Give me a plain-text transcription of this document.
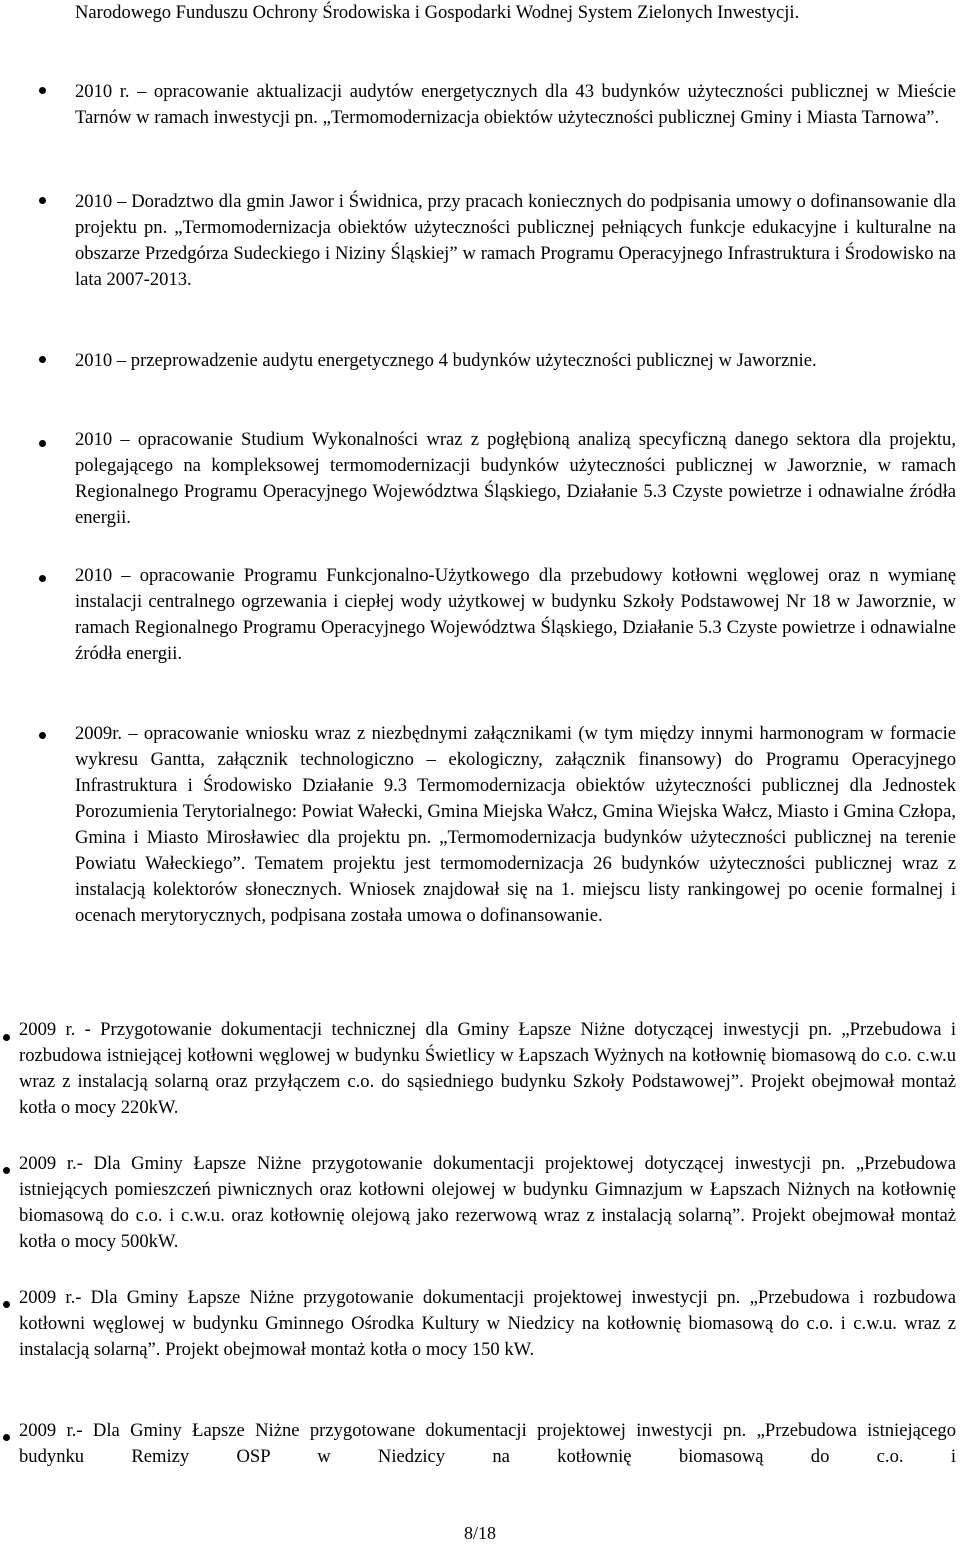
Narodowego Funduszu Ochrony Środowiska i Gospodarki Wodnej System Zielonych Inwestycji.

2010 r. – opracowanie aktualizacji audytów energetycznych dla 43 budynków użyteczności publicznej w Mieście Tarnów w ramach inwestycji pn. „Termomodernizacja obiektów użyteczności publicznej Gminy i Miasta Tarnowa”.

2010 – Doradztwo dla gmin Jawor i Świdnica, przy pracach koniecznych do podpisania umowy o dofinansowanie dla projektu pn. „Termomodernizacja obiektów użyteczności publicznej pełniących funkcje edukacyjne i kulturalne na obszarze Przedgórza Sudeckiego i Niziny Śląskiej” w ramach Programu Operacyjnego Infrastruktura i Środowisko na lata 2007-2013.

2010 – przeprowadzenie audytu energetycznego 4 budynków użyteczności publicznej w Jaworznie.

2010 – opracowanie Studium Wykonalności wraz z pogłębioną analizą specyficzną danego sektora dla projektu, polegającego na kompleksowej termomodernizacji budynków użyteczności publicznej w Jaworznie, w ramach Regionalnego Programu Operacyjnego Województwa Śląskiego, Działanie 5.3 Czyste powietrze i odnawialne źródła energii.

2010 – opracowanie Programu Funkcjonalno-Użytkowego dla przebudowy kotłowni węglowej oraz n wymianę instalacji centralnego ogrzewania i ciepłej wody użytkowej w budynku Szkoły Podstawowej Nr 18 w Jaworznie, w ramach Regionalnego Programu Operacyjnego Województwa Śląskiego, Działanie 5.3 Czyste powietrze i odnawialne źródła energii.

2009r. – opracowanie wniosku wraz z niezbędnymi załącznikami (w tym między innymi harmonogram w formacie wykresu Gantta, załącznik technologiczno – ekologiczny, załącznik finansowy) do Programu Operacyjnego Infrastruktura i Środowisko Działanie 9.3 Termomodernizacja obiektów użyteczności publicznej dla Jednostek Porozumienia Terytorialnego: Powiat Wałecki, Gmina Miejska Wałcz, Gmina Wiejska Wałcz, Miasto i Gmina Człopa, Gmina i Miasto Mirosławiec dla projektu pn. „Termomodernizacja budynków użyteczności publicznej na terenie Powiatu Wałeckiego”. Tematem projektu jest termomodernizacja 26 budynków użyteczności publicznej wraz z instalacją kolektorów słonecznych. Wniosek znajdował się na 1. miejscu listy rankingowej po ocenie formalnej i ocenach merytorycznych, podpisana została umowa o dofinansowanie.

2009 r. - Przygotowanie dokumentacji technicznej dla Gminy Łapsze Niżne dotyczącej inwestycji pn. „Przebudowa i rozbudowa istniejącej kotłowni węglowej w budynku Świetlicy w Łapszach Wyżnych na kotłownię biomasową do c.o. c.w.u wraz z instalacją solarną oraz przyłączem c.o. do sąsiedniego budynku Szkoły Podstawowej”. Projekt obejmował montaż kotła o mocy 220kW.

2009 r.- Dla Gminy Łapsze Niżne przygotowanie dokumentacji projektowej dotyczącej inwestycji pn. „Przebudowa istniejących pomieszczeń piwnicznych oraz kotłowni olejowej w budynku Gimnazjum w Łapszach Niżnych na kotłownię biomasową do c.o. i c.w.u. oraz kotłownię olejową jako rezerwową wraz z instalacją solarną”. Projekt obejmował montaż kotła o mocy 500kW.

2009 r.- Dla Gminy Łapsze Niżne przygotowanie dokumentacji projektowej inwestycji pn. „Przebudowa i rozbudowa kotłowni węglowej w budynku Gminnego Ośrodka Kultury w Niedzicy na kotłownię biomasową do c.o. i c.w.u. wraz z instalacją solarną”. Projekt obejmował montaż kotła o mocy 150 kW.

2009 r.- Dla Gminy Łapsze Niżne przygotowane dokumentacji projektowej inwestycji pn. „Przebudowa istniejącego budynku Remizy OSP w Niedzicy na kotłownię biomasową do c.o. i

8/18
